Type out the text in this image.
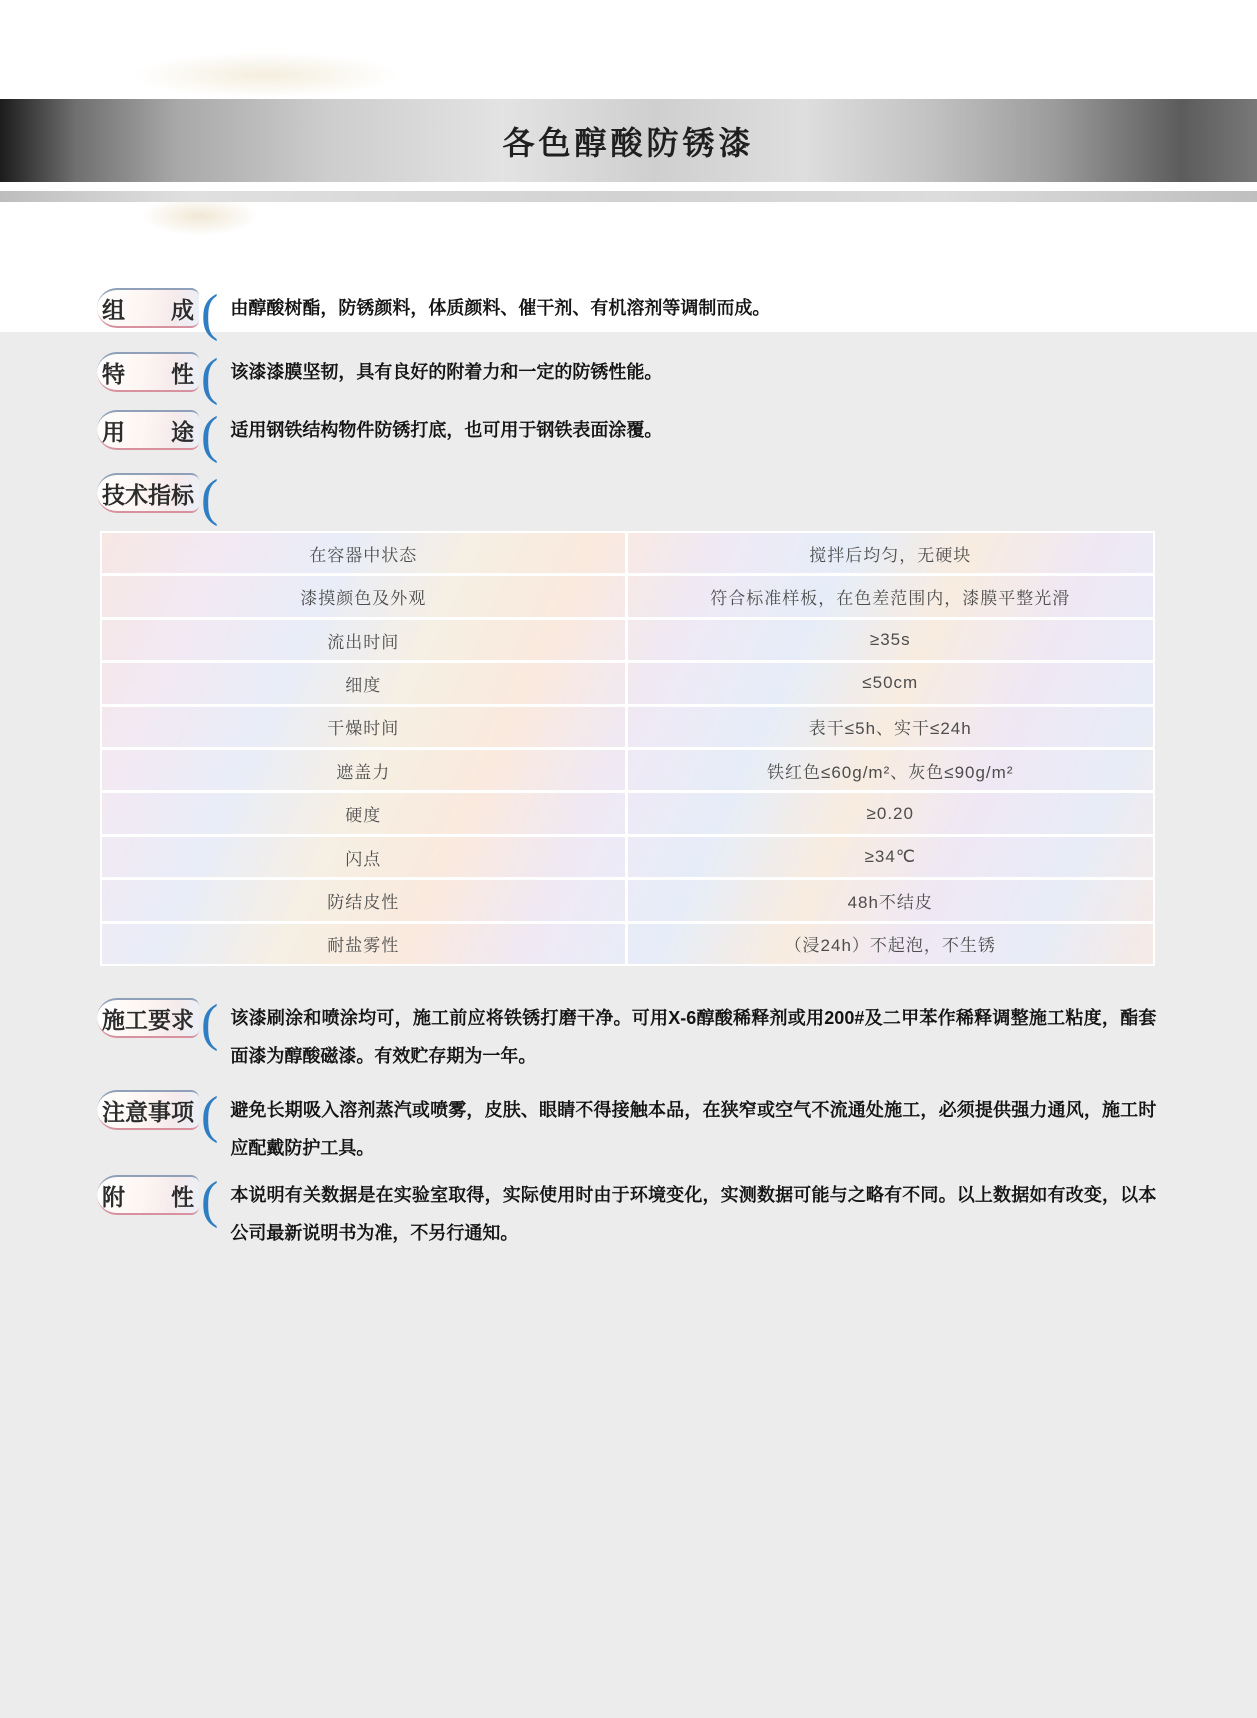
各色醇酸防锈漆
组　　成 ( 由醇酸树酯，防锈颜料，体质颜料、催干剂、有机溶剂等调制而成。
特　　性 ( 该漆漆膜坚韧，具有良好的附着力和一定的防锈性能。
用　　途 ( 适用钢铁结构物件防锈打底，也可用于钢铁表面涂覆。
技术指标 (
在容器中状态	搅拌后均匀，无硬块
漆摸颜色及外观	符合标准样板，在色差范围内，漆膜平整光滑
流出时间	≥35s
细度	≤50cm
干燥时间	表干≤5h、实干≤24h
遮盖力	铁红色≤60g/m²、灰色≤90g/m²
硬度	≥0.20
闪点	≥34℃
防结皮性	48h不结皮
耐盐雾性	（浸24h）不起泡，不生锈
施工要求 ( 该漆刷涂和喷涂均可，施工前应将铁锈打磨干净。可用X-6醇酸稀释剂或用200#及二甲苯作稀释调整施工粘度，酯套面漆为醇酸磁漆。有效贮存期为一年。
注意事项 ( 避免长期吸入溶剂蒸汽或喷雾，皮肤、眼睛不得接触本品，在狭窄或空气不流通处施工，必须提供强力通风，施工时应配戴防护工具。
附　　性 ( 本说明有关数据是在实验室取得，实际使用时由于环境变化，实测数据可能与之略有不同。以上数据如有改变，以本公司最新说明书为准，不另行通知。
